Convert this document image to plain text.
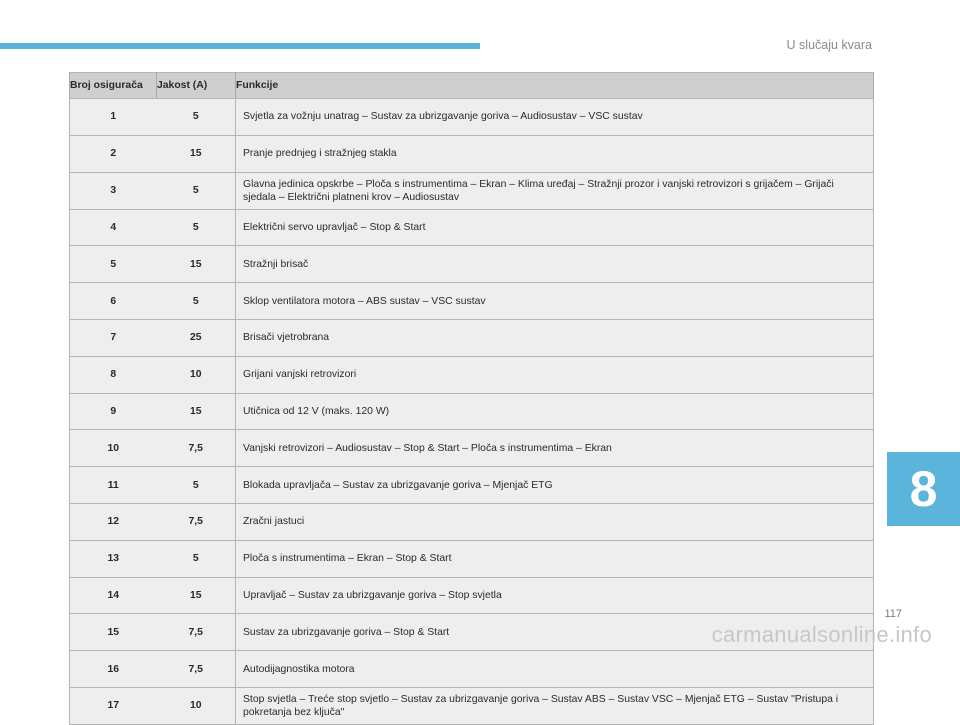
U slučaju kvara
Broj osigurača	Jakost (A)	Funkcije
1	5	Svjetla za vožnju unatrag – Sustav za ubrizgavanje goriva – Audiosustav – VSC sustav
2	15	Pranje prednjeg i stražnjeg stakla
3	5	Glavna jedinica opskrbe – Ploča s instrumentima – Ekran – Klima uređaj – Stražnji prozor i vanjski retrovizori s grijačem – Grijači sjedala – Električni platneni krov – Audiosustav
4	5	Električni servo upravljač – Stop & Start
5	15	Stražnji brisač
6	5	Sklop ventilatora motora – ABS sustav – VSC sustav
7	25	Brisači vjetrobrana
8	10	Grijani vanjski retrovizori
9	15	Utičnica od 12 V (maks. 120 W)
10	7,5	Vanjski retrovizori – Audiosustav – Stop & Start – Ploča s instrumentima – Ekran
11	5	Blokada upravljača – Sustav za ubrizgavanje goriva – Mjenjač ETG
12	7,5	Zračni jastuci
13	5	Ploča s instrumentima – Ekran – Stop & Start
14	15	Upravljač – Sustav za ubrizgavanje goriva – Stop svjetla
15	7,5	Sustav za ubrizgavanje goriva – Stop & Start
16	7,5	Autodijagnostika motora
17	10	Stop svjetla – Treće stop svjetlo – Sustav za ubrizgavanje goriva – Sustav ABS – Sustav VSC – Mjenjač ETG – Sustav "Pristupa i pokretanja bez ključa"
8
117
carmanualsonline.info
